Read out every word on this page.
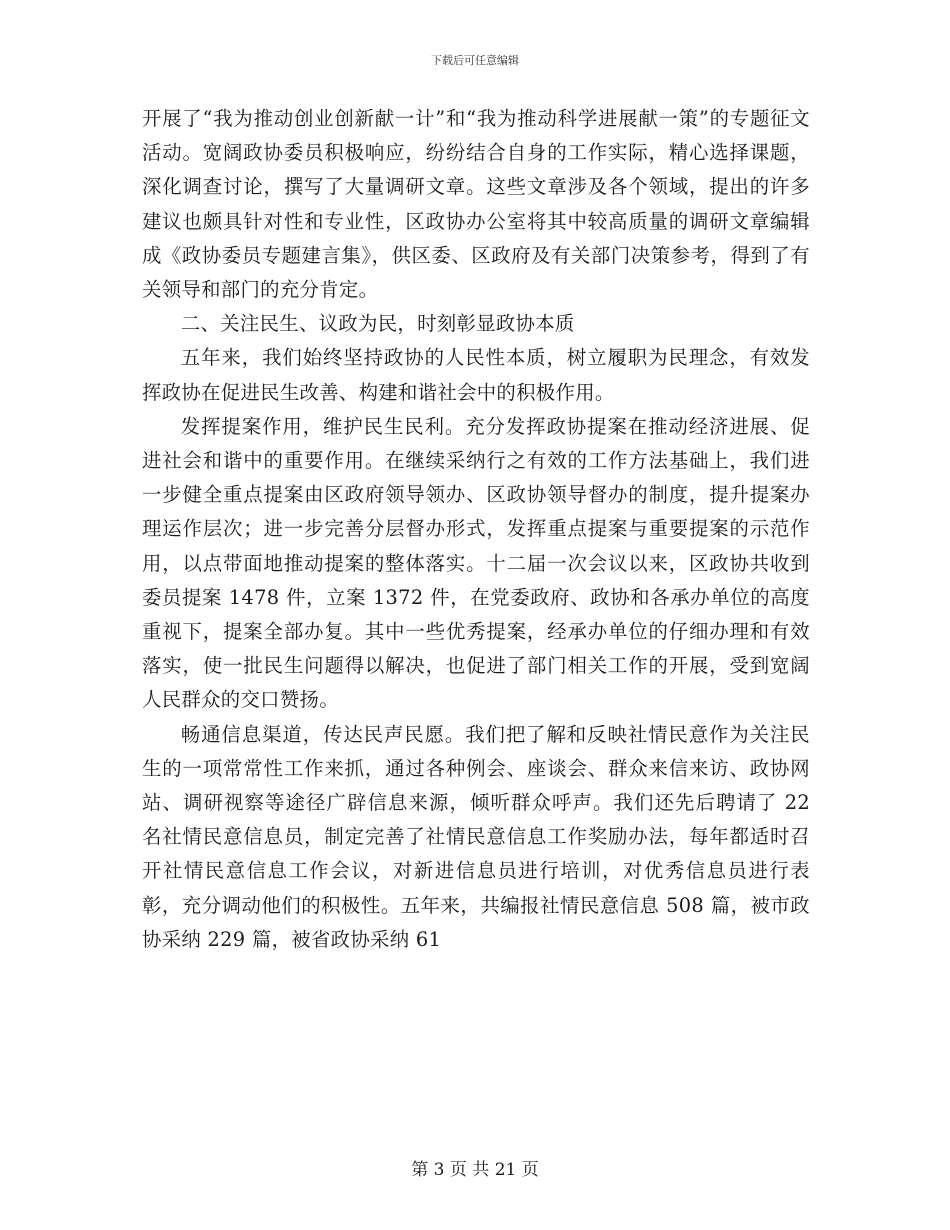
下载后可任意编辑

开展了“我为推动创业创新献一计”和“我为推动科学进展献一策”的专题征文活动。宽阔政协委员积极响应，纷纷结合自身的工作实际，精心选择课题，深化调查讨论，撰写了大量调研文章。这些文章涉及各个领域，提出的许多建议也颇具针对性和专业性，区政协办公室将其中较高质量的调研文章编辑成《政协委员专题建言集》，供区委、区政府及有关部门决策参考，得到了有关领导和部门的充分肯定。

二、关注民生、议政为民，时刻彰显政协本质

五年来，我们始终坚持政协的人民性本质，树立履职为民理念，有效发挥政协在促进民生改善、构建和谐社会中的积极作用。

发挥提案作用，维护民生民利。充分发挥政协提案在推动经济进展、促进社会和谐中的重要作用。在继续采纳行之有效的工作方法基础上，我们进一步健全重点提案由区政府领导领办、区政协领导督办的制度，提升提案办理运作层次；进一步完善分层督办形式，发挥重点提案与重要提案的示范作用，以点带面地推动提案的整体落实。十二届一次会议以来，区政协共收到委员提案 1478 件，立案 1372 件，在党委政府、政协和各承办单位的高度重视下，提案全部办复。其中一些优秀提案，经承办单位的仔细办理和有效落实，使一批民生问题得以解决，也促进了部门相关工作的开展，受到宽阔人民群众的交口赞扬。

畅通信息渠道，传达民声民愿。我们把了解和反映社情民意作为关注民生的一项常常性工作来抓，通过各种例会、座谈会、群众来信来访、政协网站、调研视察等途径广辟信息来源，倾听群众呼声。我们还先后聘请了 22 名社情民意信息员，制定完善了社情民意信息工作奖励办法，每年都适时召开社情民意信息工作会议，对新进信息员进行培训，对优秀信息员进行表彰，充分调动他们的积极性。五年来，共编报社情民意信息 508 篇，被市政协采纳 229 篇，被省政协采纳 61

第 3 页 共 21 页
